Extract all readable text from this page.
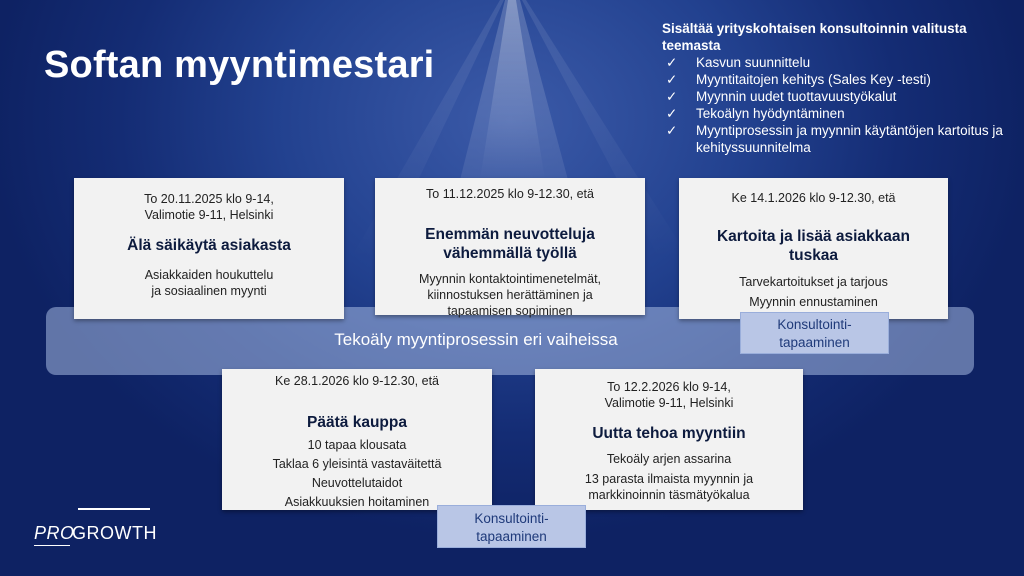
Softan myyntimestari
Sisältää yrityskohtaisen konsultoinnin valitusta teemasta
✓	Kasvun suunnittelu
✓	Myyntitaitojen kehitys (Sales Key -testi)
✓	Myynnin uudet tuottavuustyökalut
✓	Tekoälyn hyödyntäminen
✓	Myyntiprosessin ja myynnin käytäntöjen kartoitus ja kehityssuunnitelma
Tekoäly myyntiprosessin eri vaiheissa
To 20.11.2025 klo 9-14,
Valimotie 9-11, Helsinki
Älä säikäytä asiakasta
Asiakkaiden houkuttelu
ja sosiaalinen myynti
To 11.12.2025 klo 9-12.30, etä
Enemmän neuvotteluja
vähemmällä työllä
Myynnin kontaktointimenetelmät,
kiinnostuksen herättäminen ja
tapaamisen sopiminen
Ke 14.1.2026 klo 9-12.30, etä
Kartoita ja lisää asiakkaan
tuskaa
Tarvekartoitukset ja tarjous
Myynnin ennustaminen
Ke 28.1.2026 klo 9-12.30, etä
Päätä kauppa
10 tapaa klousata
Taklaa 6 yleisintä vastaväitettä
Neuvottelutaidot
Asiakkuuksien hoitaminen
To 12.2.2026 klo 9-14,
Valimotie 9-11, Helsinki
Uutta tehoa myyntiin
Tekoäly arjen assarina
13 parasta ilmaista myynnin ja
markkinoinnin täsmätyökalua
Konsultointi-
tapaaminen
Konsultointi-
tapaaminen
PRO
GROWTH
